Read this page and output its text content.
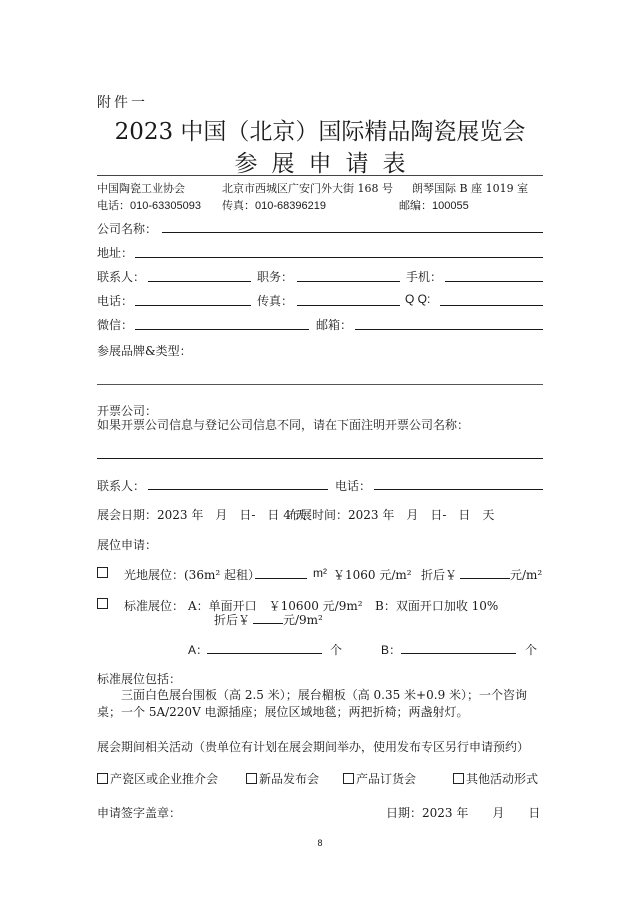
附件一
2023 中国（北京）国际精品陶瓷展览会
参展申请表
中国陶瓷工业协会	北京市西城区广安门外大街 168 号 朗琴国际 B 座 1019 室
电话：010-63305093 传真：010-68396219	邮编：100055
公司名称：
地址：
联系人：	职务：	手机：
电话：	传真：	Q Q:
微信：	邮箱：
参展品牌&类型：
开票公司：
如果开票公司信息与登记公司信息不同，请在下面注明开票公司名称：
联系人：	电话：
展会日期：2023 年　月　日-　日 4 天
布展时间：2023 年　月　日-　日　天
展位申请：
光地展位：(36m² 起租）	m² ￥1060 元/m² 折后￥	元/m²
标准展位： A：单面开口　￥10600 元/9m² B：双面开口加收 10%
折后￥	元/9m²
A：	个	B：	个
标准展位包括：
三面白色展台围板（高 2.5 米）；展台楣板（高 0.35 米+0.9 米）；一个咨询
桌；一个 5A/220V 电源插座；展位区域地毯；两把折椅；两盏射灯。
展会期间相关活动（贵单位有计划在展会期间举办，使用发布专区另行申请预约）
产瓷区或企业推介会	新品发布会	产品订货会	其他活动形式
申请签字盖章：	日期：2023 年　　月　　日
8
